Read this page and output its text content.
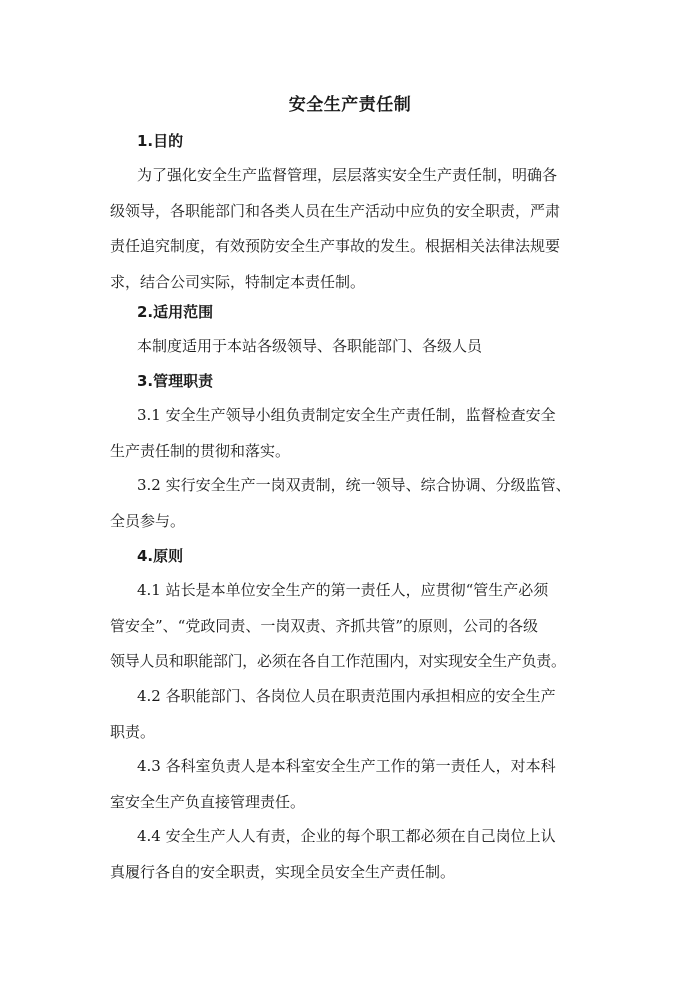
安全生产责任制
1.目的
为了强化安全生产监督管理，层层落实安全生产责任制，明确各
级领导，各职能部门和各类人员在生产活动中应负的安全职责，严肃
责任追究制度，有效预防安全生产事故的发生。根据相关法律法规要
求，结合公司实际，特制定本责任制。
2.适用范围
本制度适用于本站各级领导、各职能部门、各级人员
3.管理职责
3.1 安全生产领导小组负责制定安全生产责任制，监督检查安全
生产责任制的贯彻和落实。
3.2 实行安全生产一岗双责制，统一领导、综合协调、分级监管、
全员参与。
4.原则
4.1 站长是本单位安全生产的第一责任人，应贯彻“管生产必须
管安全”、“党政同责、一岗双责、齐抓共管”的原则，公司的各级
领导人员和职能部门，必须在各自工作范围内，对实现安全生产负责。
4.2 各职能部门、各岗位人员在职责范围内承担相应的安全生产
职责。
4.3 各科室负责人是本科室安全生产工作的第一责任人，对本科
室安全生产负直接管理责任。
4.4 安全生产人人有责，企业的每个职工都必须在自己岗位上认
真履行各自的安全职责，实现全员安全生产责任制。
